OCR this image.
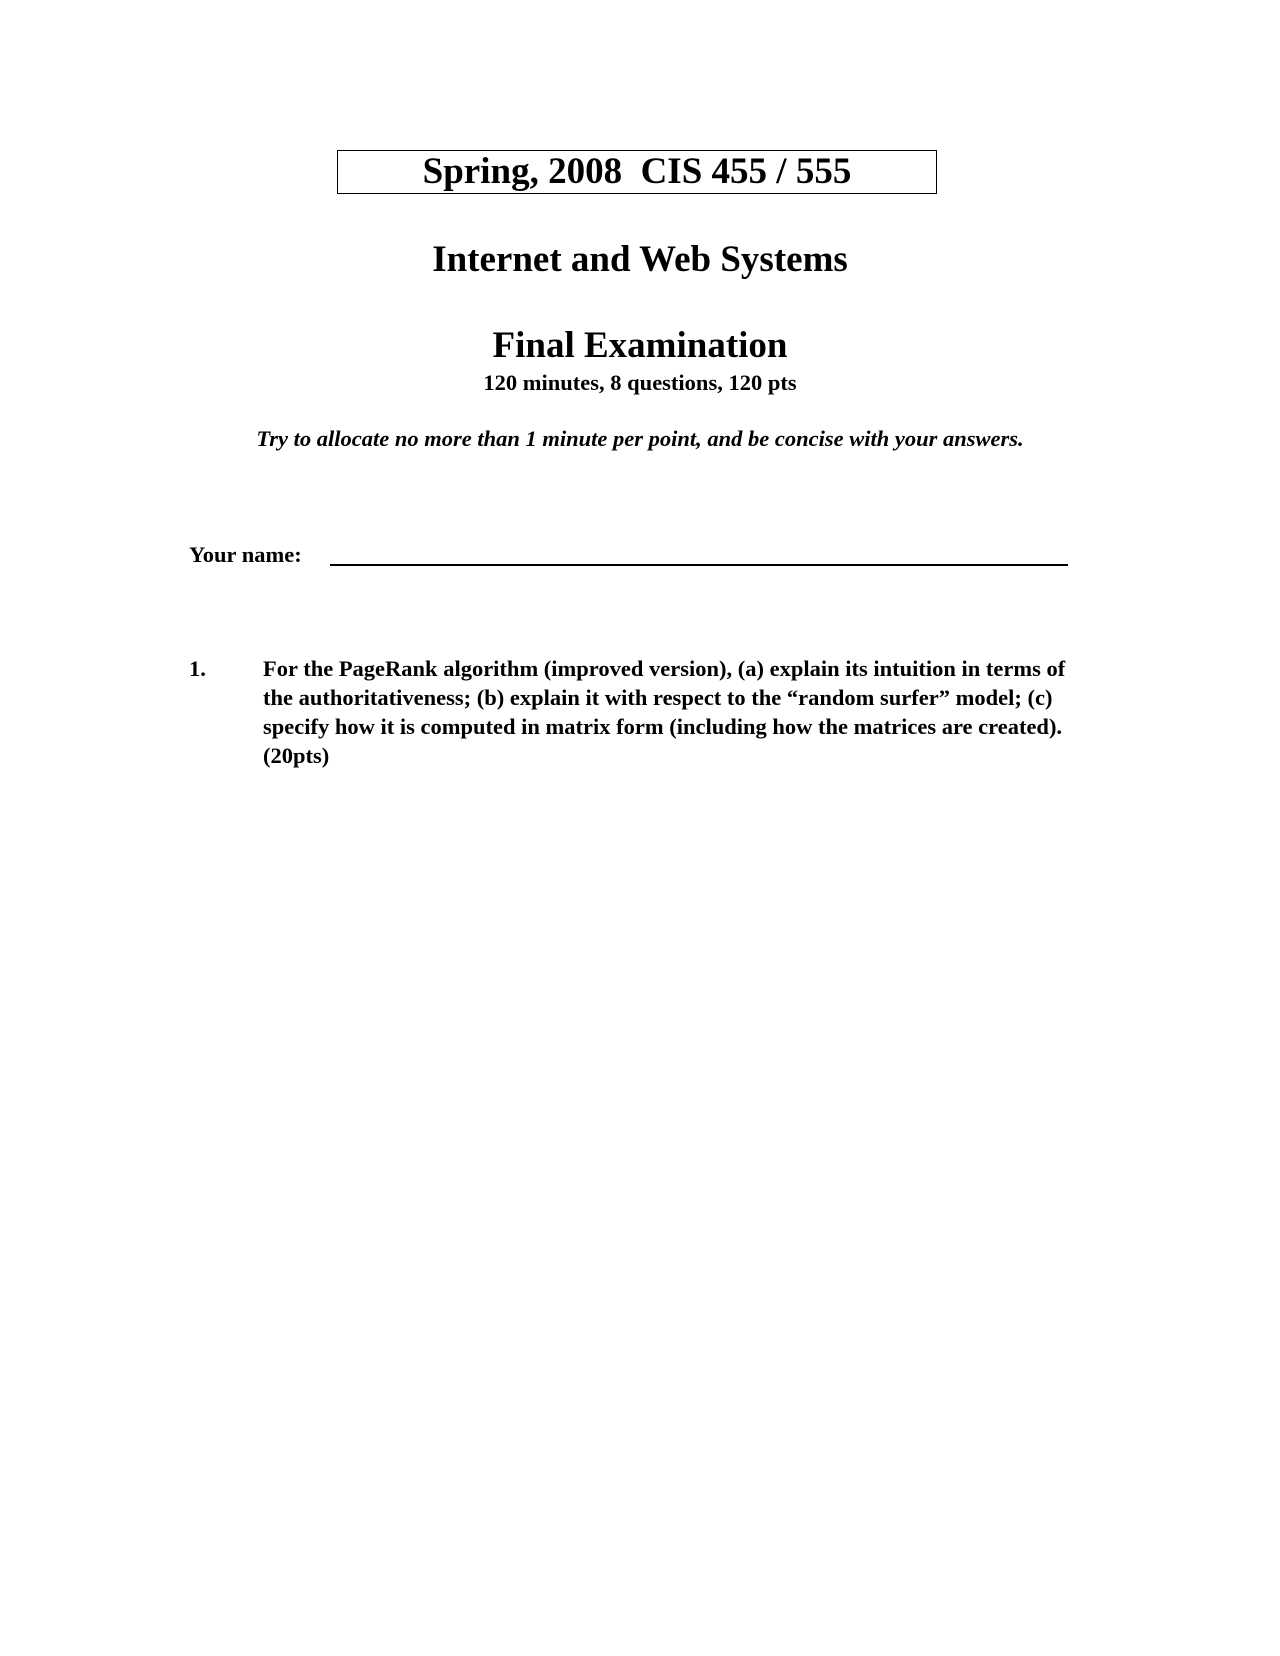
Spring, 2008  CIS 455 / 555
Internet and Web Systems
Final Examination
120 minutes, 8 questions, 120 pts
Try to allocate no more than 1 minute per point, and be concise with your answers.
Your name:
1.	For the PageRank algorithm (improved version), (a) explain its intuition in terms of the authoritativeness; (b) explain it with respect to the “random surfer” model; (c) specify how it is computed in matrix form (including how the matrices are created). (20pts)
